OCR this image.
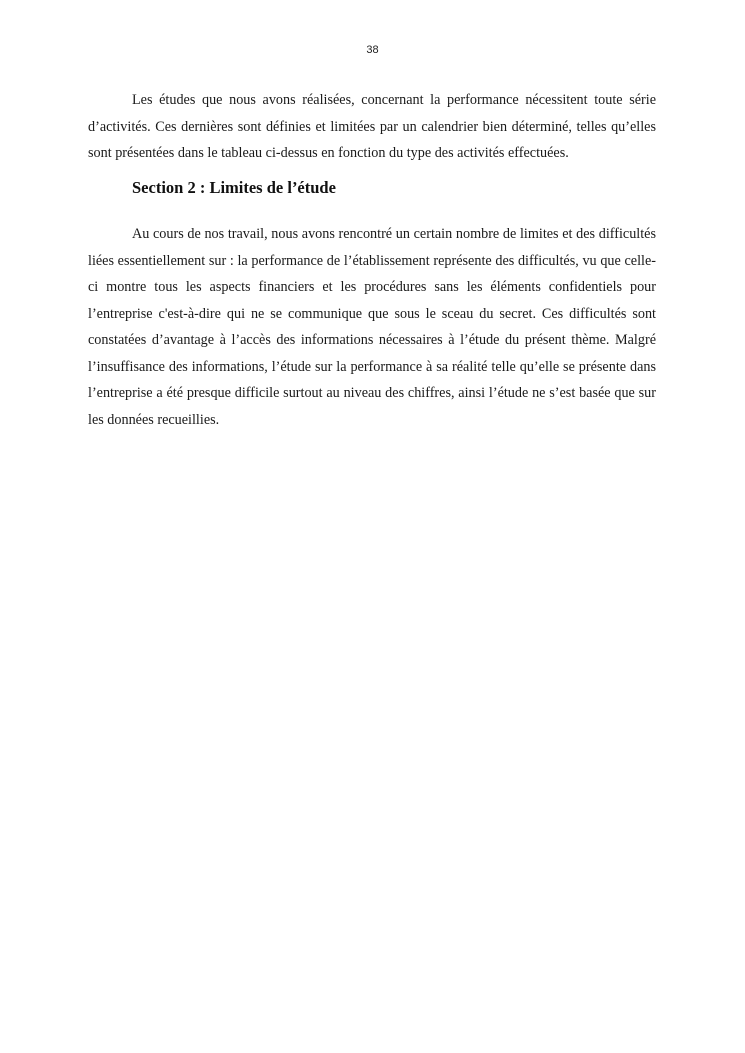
38

Les études que nous avons réalisées, concernant la performance nécessitent toute série d’activités. Ces dernières sont définies et limitées par un calendrier bien déterminé, telles qu’elles sont présentées dans le tableau ci-dessus en fonction du type des activités effectuées.

Section 2 : Limites de l’étude

Au cours de nos travail, nous avons rencontré un certain nombre de limites et des difficultés liées essentiellement sur : la performance de l’établissement représente des difficultés, vu que celle-ci montre tous les aspects financiers et les procédures sans les éléments confidentiels pour l’entreprise c'est-à-dire qui ne se communique que sous le sceau du secret. Ces difficultés sont constatées d’avantage à l’accès des informations nécessaires à l’étude du présent thème. Malgré l’insuffisance des informations, l’étude sur la performance à sa réalité telle qu’elle se présente dans l’entreprise a été presque difficile surtout au niveau des chiffres, ainsi l’étude ne s’est basée que sur les données recueillies.
